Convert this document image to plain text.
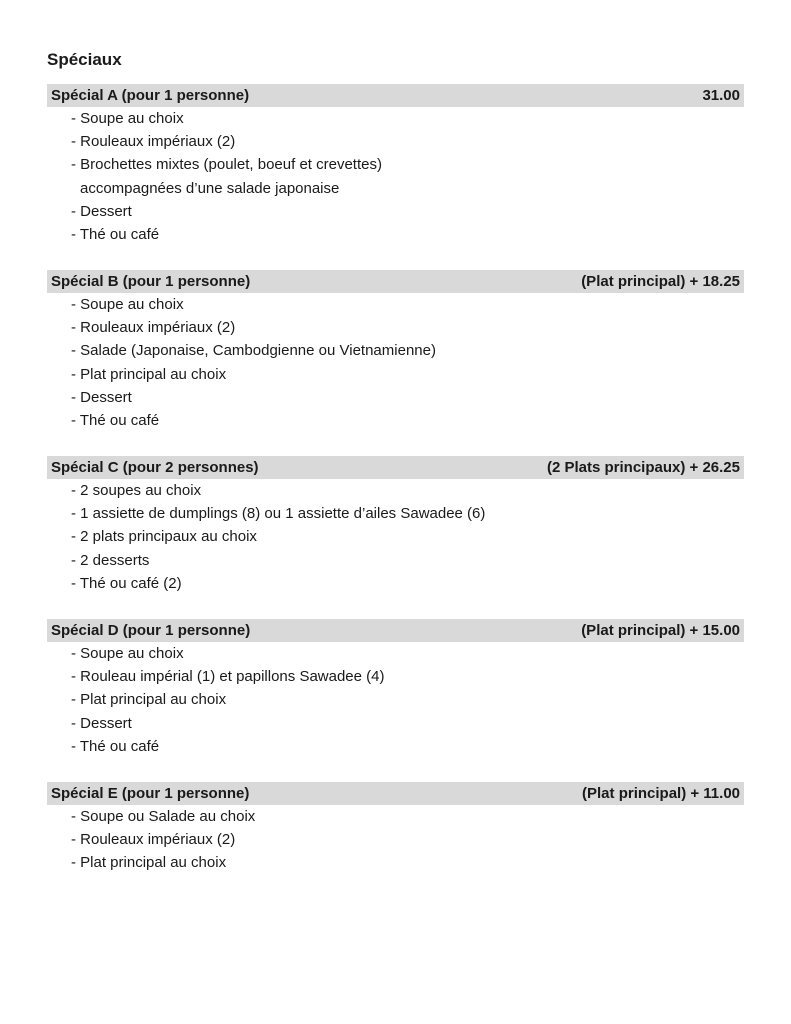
Spéciaux
Spécial A (pour 1 personne)	31.00
- Soupe au choix
- Rouleaux impériaux (2)
- Brochettes mixtes (poulet, boeuf et crevettes)
accompagnées d’une salade japonaise
- Dessert
- Thé ou café
Spécial B (pour 1 personne)	(Plat principal) + 18.25
- Soupe au choix
- Rouleaux impériaux (2)
- Salade (Japonaise, Cambodgienne ou Vietnamienne)
- Plat principal au choix
- Dessert
- Thé ou café
Spécial C (pour 2 personnes)	(2 Plats principaux) + 26.25
- 2 soupes au choix
- 1 assiette de dumplings (8) ou 1 assiette d’ailes Sawadee (6)
- 2 plats principaux au choix
- 2 desserts
- Thé ou café (2)
Spécial D (pour 1 personne)	(Plat principal) + 15.00
- Soupe au choix
- Rouleau impérial (1) et papillons Sawadee (4)
- Plat principal au choix
- Dessert
- Thé ou café
Spécial E (pour 1 personne)	(Plat principal) + 11.00
- Soupe ou Salade au choix
- Rouleaux impériaux (2)
- Plat principal au choix
